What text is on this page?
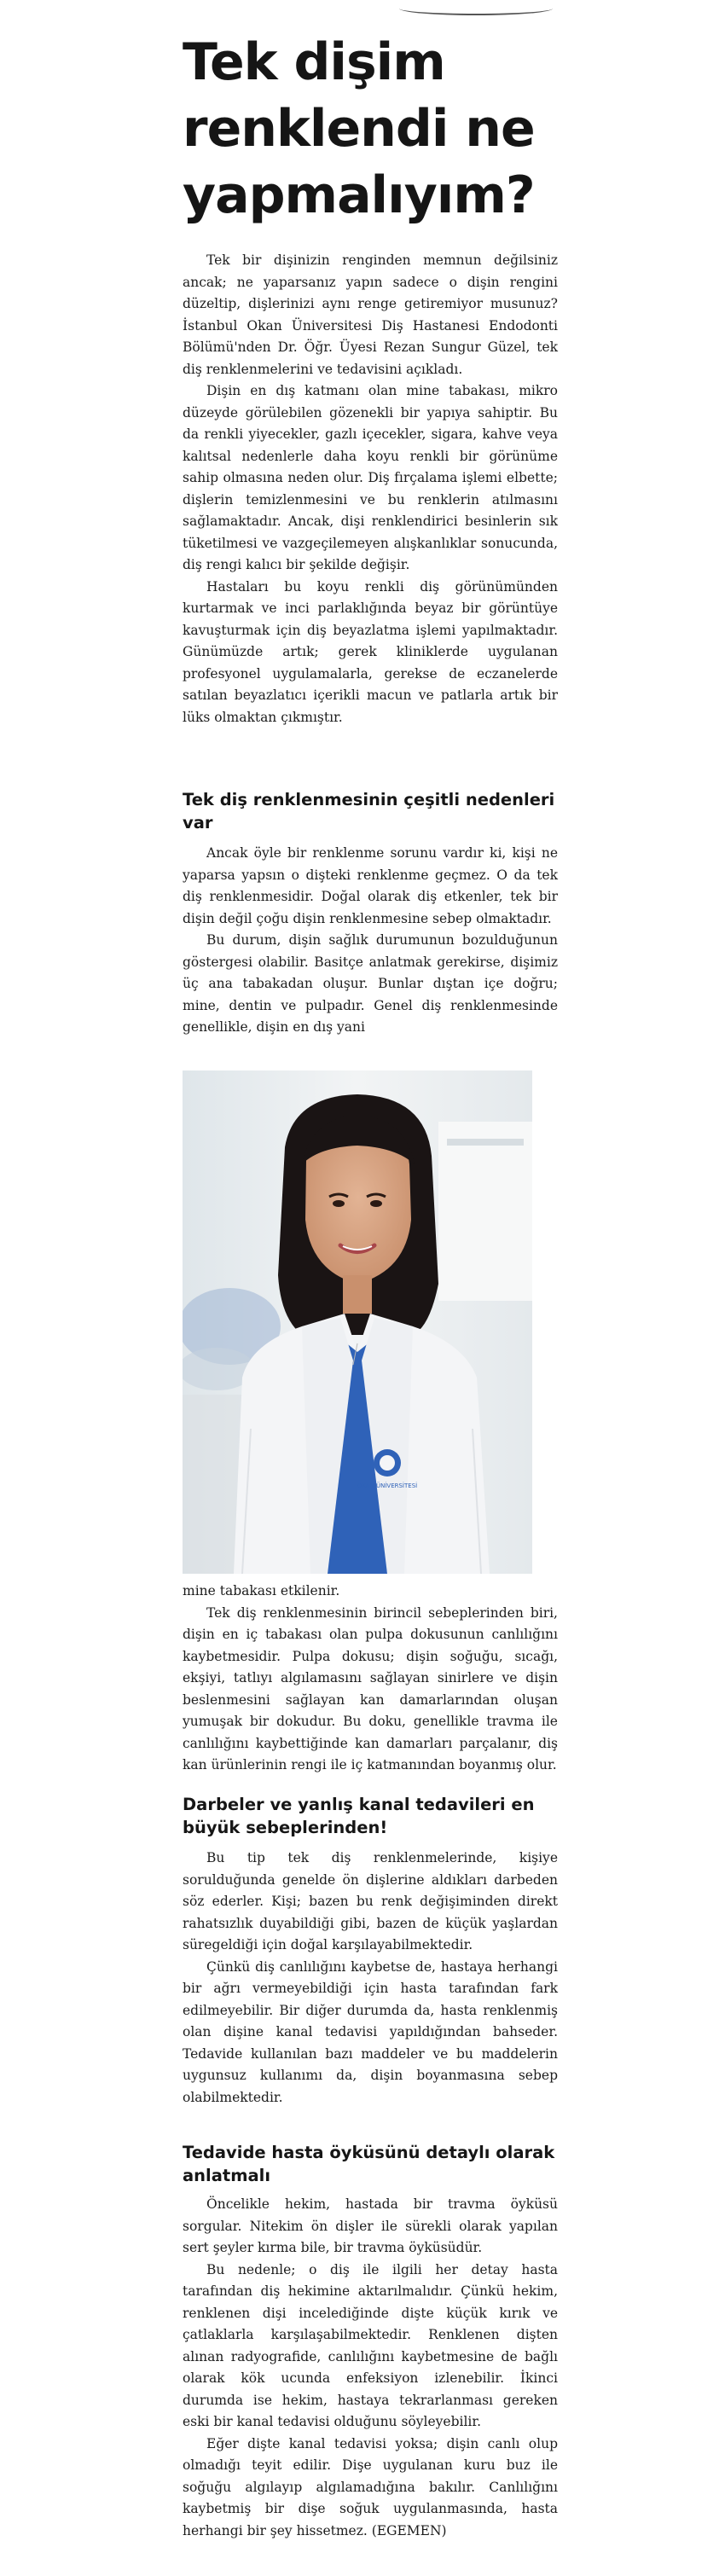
Tek dişim renklendi ne yapmalıyım?

Tek bir dişinizin renginden memnun değilsiniz ancak; ne yaparsanız yapın sadece o dişin rengini düzeltip, dişlerinizi aynı renge getiremiyor musunuz? İstanbul Okan Üniversitesi Diş Hastanesi Endodonti Bölümü'nden Dr. Öğr. Üyesi Rezan Sungur Güzel, tek diş renklenmelerini ve tedavisini açıkladı.

Dişin en dış katmanı olan mine tabakası, mikro düzeyde görülebilen gözenekli bir yapıya sahiptir. Bu da renkli yiyecekler, gazlı içecekler, sigara, kahve veya kalıtsal nedenlerle daha koyu renkli bir görünüme sahip olmasına neden olur. Diş fırçalama işlemi elbette; dişlerin temizlenmesini ve bu renklerin atılmasını sağlamaktadır. Ancak, dişi renklendirici besinlerin sık tüketilmesi ve vazgeçilemeyen alışkanlıklar sonucunda, diş rengi kalıcı bir şekilde değişir.

Hastaları bu koyu renkli diş görünümünden kurtarmak ve inci parlaklığında beyaz bir görüntüye kavuşturmak için diş beyazlatma işlemi yapılmaktadır. Günümüzde artık; gerek kliniklerde uygulanan profesyonel uygulamalarla, gerekse de eczanelerde satılan beyazlatıcı içerikli macun ve patlarla artık bir lüks olmaktan çıkmıştır.

Tek diş renklenmesinin çeşitli nedenleri var

Ancak öyle bir renklenme sorunu vardır ki, kişi ne yaparsa yapsın o dişteki renklenme geçmez. O da tek diş renklenmesidir. Doğal olarak diş etkenler, tek bir dişin değil çoğu dişin renklenmesine sebep olmaktadır.

Bu durum, dişin sağlık durumunun bozulduğunun göstergesi olabilir. Basitçe anlatmak gerekirse, dişimiz üç ana tabakadan oluşur. Bunlar dıştan içe doğru; mine, dentin ve pulpadır. Genel diş renklenmesinde genellikle, dişin en dış yani

OKAN ÜNİVERSİTESİ

mine tabakası etkilenir.

Tek diş renklenmesinin birincil sebeplerinden biri, dişin en iç tabakası olan pulpa dokusunun canlılığını kaybetmesidir. Pulpa dokusu; dişin soğuğu, sıcağı, ekşiyi, tatlıyı algılamasını sağlayan sinirlere ve dişin beslenmesini sağlayan kan damarlarından oluşan yumuşak bir dokudur. Bu doku, genellikle travma ile canlılığını kaybettiğinde kan damarları parçalanır, diş kan ürünlerinin rengi ile iç katmanından boyanmış olur.

Darbeler ve yanlış kanal tedavileri en büyük sebeplerinden!

Bu tip tek diş renklenmelerinde, kişiye sorulduğunda genelde ön dişlerine aldıkları darbeden söz ederler. Kişi; bazen bu renk değişiminden direkt rahatsızlık duyabildiği gibi, bazen de küçük yaşlardan süregeldiği için doğal karşılayabilmektedir.

Çünkü diş canlılığını kaybetse de, hastaya herhangi bir ağrı vermeyebildiği için hasta tarafından fark edilmeyebilir. Bir diğer durumda da, hasta renklenmiş olan dişine kanal tedavisi yapıldığından bahseder. Tedavide kullanılan bazı maddeler ve bu maddelerin uygunsuz kullanımı da, dişin boyanmasına sebep olabilmektedir.

Tedavide hasta öyküsünü detaylı olarak anlatmalı

Öncelikle hekim, hastada bir travma öyküsü sorgular. Nitekim ön dişler ile sürekli olarak yapılan sert şeyler kırma bile, bir travma öyküsüdür.

Bu nedenle; o diş ile ilgili her detay hasta tarafından diş hekimine aktarılmalıdır. Çünkü hekim, renklenen dişi incelediğinde dişte küçük kırık ve çatlaklarla karşılaşabilmektedir. Renklenen dişten alınan radyografide, canlılığını kaybetmesine de bağlı olarak kök ucunda enfeksiyon izlenebilir. İkinci durumda ise hekim, hastaya tekrarlanması gereken eski bir kanal tedavisi olduğunu söyleyebilir.

Eğer dişte kanal tedavisi yoksa; dişin canlı olup olmadığı teyit edilir. Dişe uygulanan kuru buz ile soğuğu algılayıp algılamadığına bakılır. Canlılığını kaybetmiş bir dişe soğuk uygulanmasında, hasta herhangi bir şey hissetmez. (EGEMEN)
